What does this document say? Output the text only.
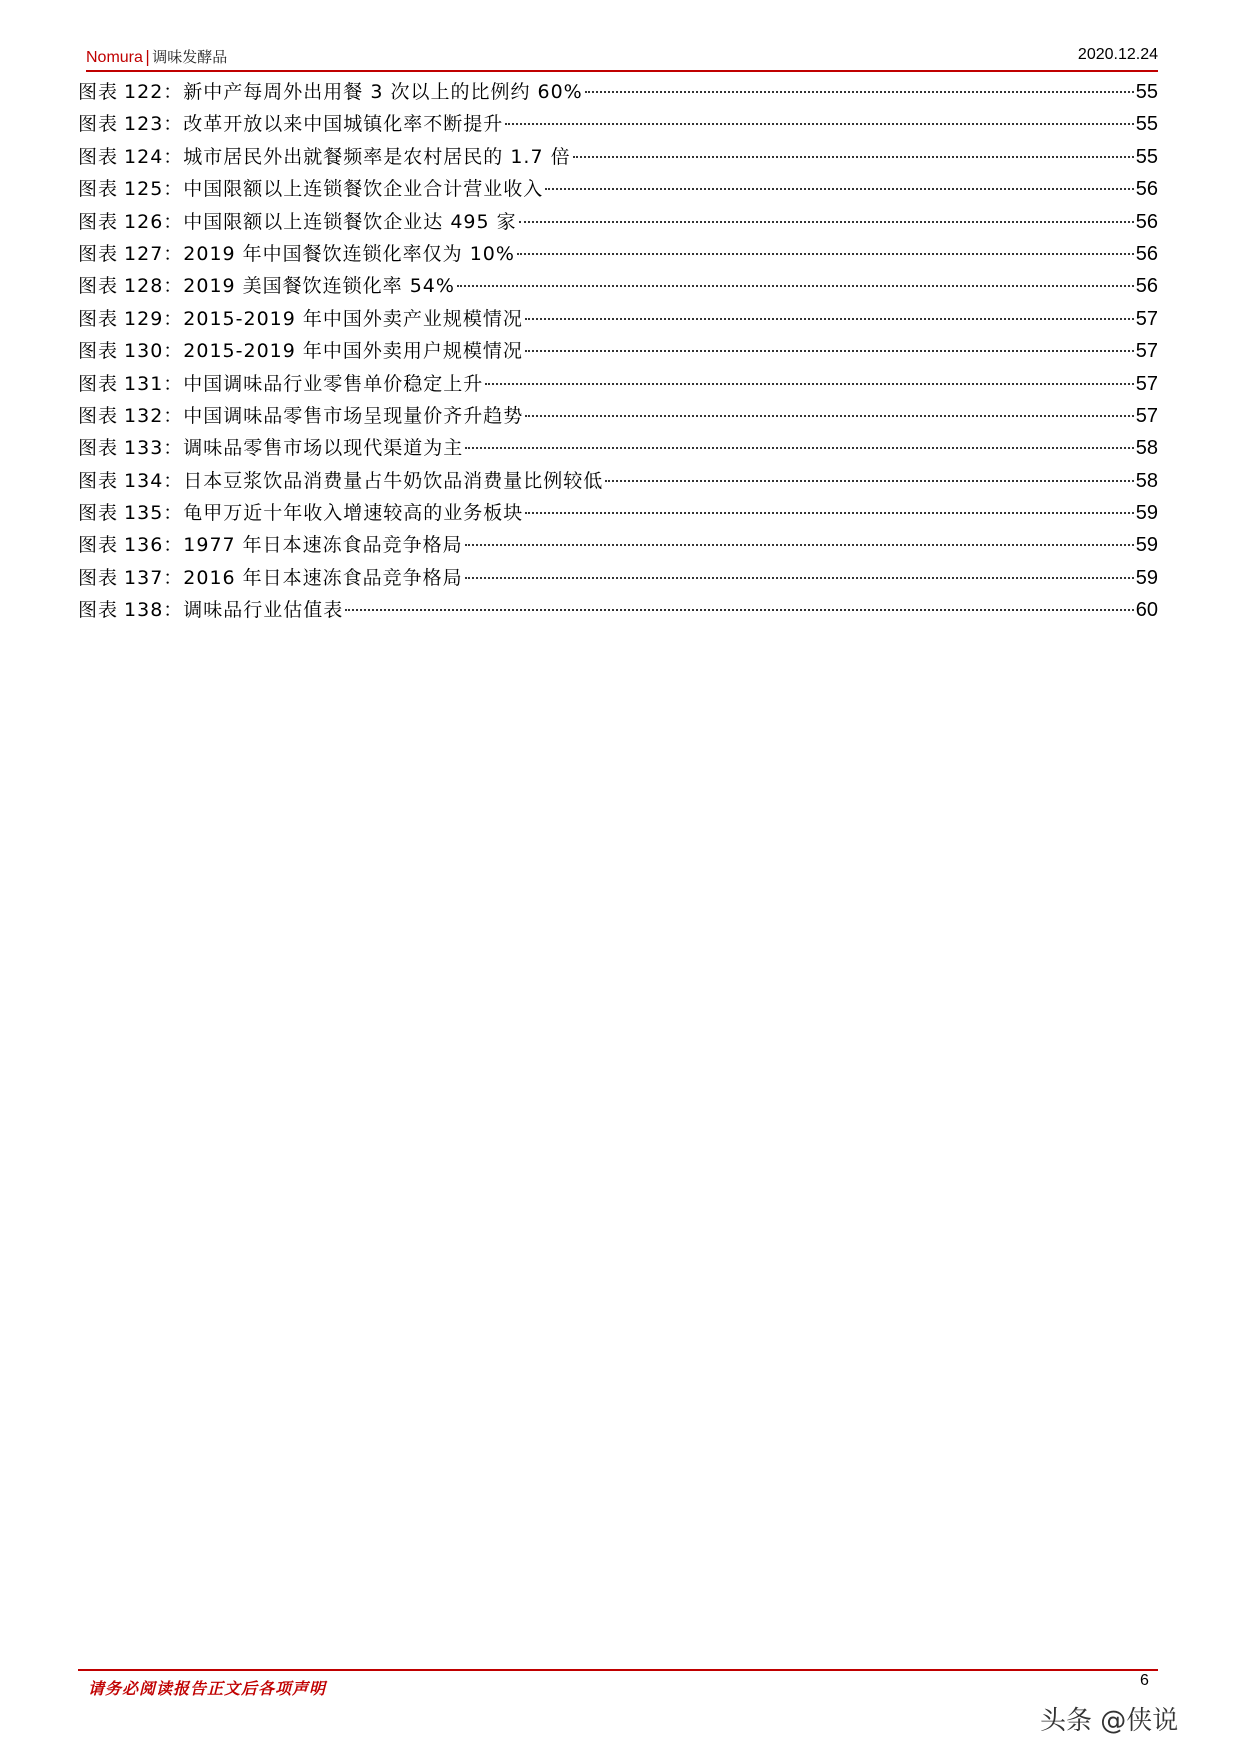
Nomura | 调味发酵品	2020.12.24
图表 122：新中产每周外出用餐 3 次以上的比例约 60%	55
图表 123：改革开放以来中国城镇化率不断提升	55
图表 124：城市居民外出就餐频率是农村居民的 1.7 倍	55
图表 125：中国限额以上连锁餐饮企业合计营业收入	56
图表 126：中国限额以上连锁餐饮企业达 495 家	56
图表 127：2019 年中国餐饮连锁化率仅为 10%	56
图表 128：2019 美国餐饮连锁化率 54%	56
图表 129：2015-2019 年中国外卖产业规模情况	57
图表 130：2015-2019 年中国外卖用户规模情况	57
图表 131：中国调味品行业零售单价稳定上升	57
图表 132：中国调味品零售市场呈现量价齐升趋势	57
图表 133：调味品零售市场以现代渠道为主	58
图表 134：日本豆浆饮品消费量占牛奶饮品消费量比例较低	58
图表 135：龟甲万近十年收入增速较高的业务板块	59
图表 136：1977 年日本速冻食品竞争格局	59
图表 137：2016 年日本速冻食品竞争格局	59
图表 138：调味品行业估值表	60
请务必阅读报告正文后各项声明	6
头条 @侠说
